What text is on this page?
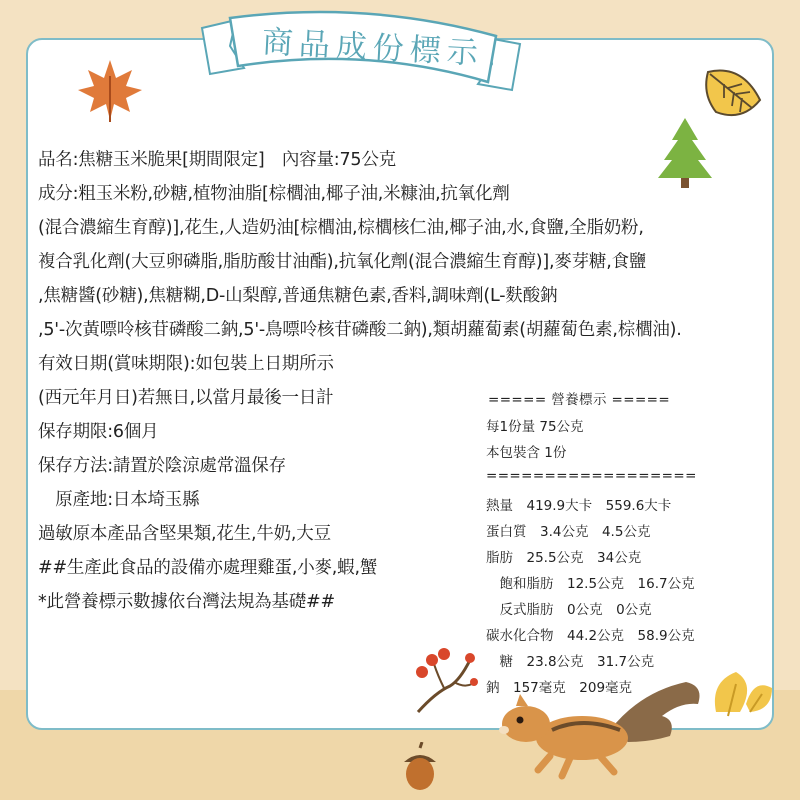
商品成份標示
品名:焦糖玉米脆果[期間限定]　內容量:75公克
成分:粗玉米粉,砂糖,植物油脂[棕櫚油,椰子油,米糠油,抗氧化劑
(混合濃縮生育醇)],花生,人造奶油[棕櫚油,棕櫚核仁油,椰子油,水,食鹽,全脂奶粉,
複合乳化劑(大豆卵磷脂,脂肪酸甘油酯),抗氧化劑(混合濃縮生育醇)],麥芽糖,食鹽
,焦糖醬(砂糖),焦糖糊,D-山梨醇,普通焦糖色素,香料,調味劑(L-麩酸鈉
,5'-次黃嘌呤核苷磷酸二鈉,5'-鳥嘌呤核苷磷酸二鈉),類胡蘿蔔素(胡蘿蔔色素,棕櫚油).
有效日期(賞味期限):如包裝上日期所示
(西元年月日)若無日,以當月最後一日計
保存期限:6個月
保存方法:請置於陰涼處常溫保存
　原產地:日本埼玉縣
過敏原本產品含堅果類,花生,牛奶,大豆
##生產此食品的設備亦處理雞蛋,小麥,蝦,蟹
*此營養標示數據依台灣法規為基礎##
===== 營養標示 =====
每1份量 75公克
本包裝含 1份
==================
熱量　419.9大卡　559.6大卡
蛋白質　3.4公克　4.5公克
脂肪　25.5公克　34公克
　飽和脂肪　12.5公克　16.7公克
　反式脂肪　0公克　0公克
碳水化合物　44.2公克　58.9公克
　糖　23.8公克　31.7公克
鈉　157毫克　209毫克
